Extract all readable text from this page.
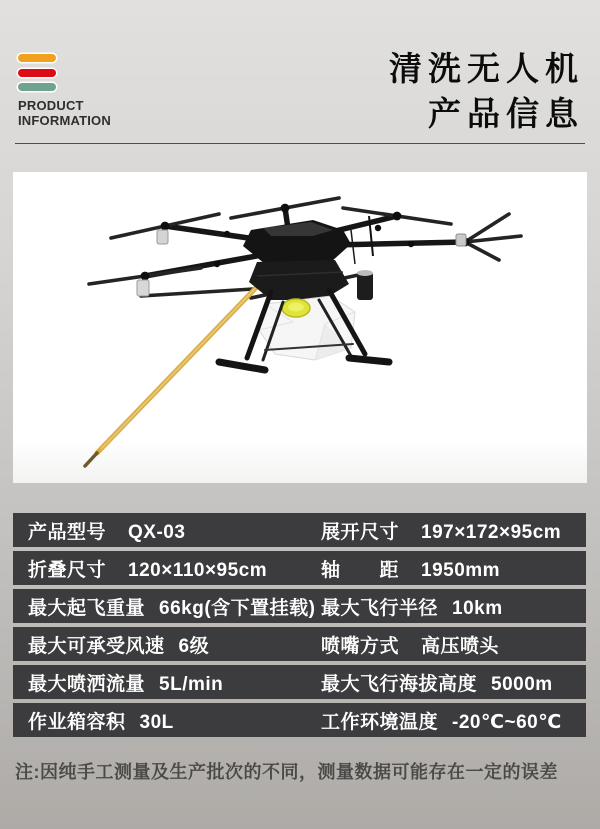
PRODUCT
INFORMATION
清洗无人机
产品信息
产品型号 QX-03	展开尺寸 197×172×95cm
折叠尺寸 120×110×95cm	轴　　距 1950mm
最大起飞重量 66kg(含下置挂载) 最大飞行半径 10km
最大可承受风速 6级	喷嘴方式 高压喷头
最大喷洒流量 5L/min	最大飞行海拔高度 5000m
作业箱容积 30L	工作环境温度 -20℃~60℃
注:因纯手工测量及生产批次的不同，测量数据可能存在一定的误差
